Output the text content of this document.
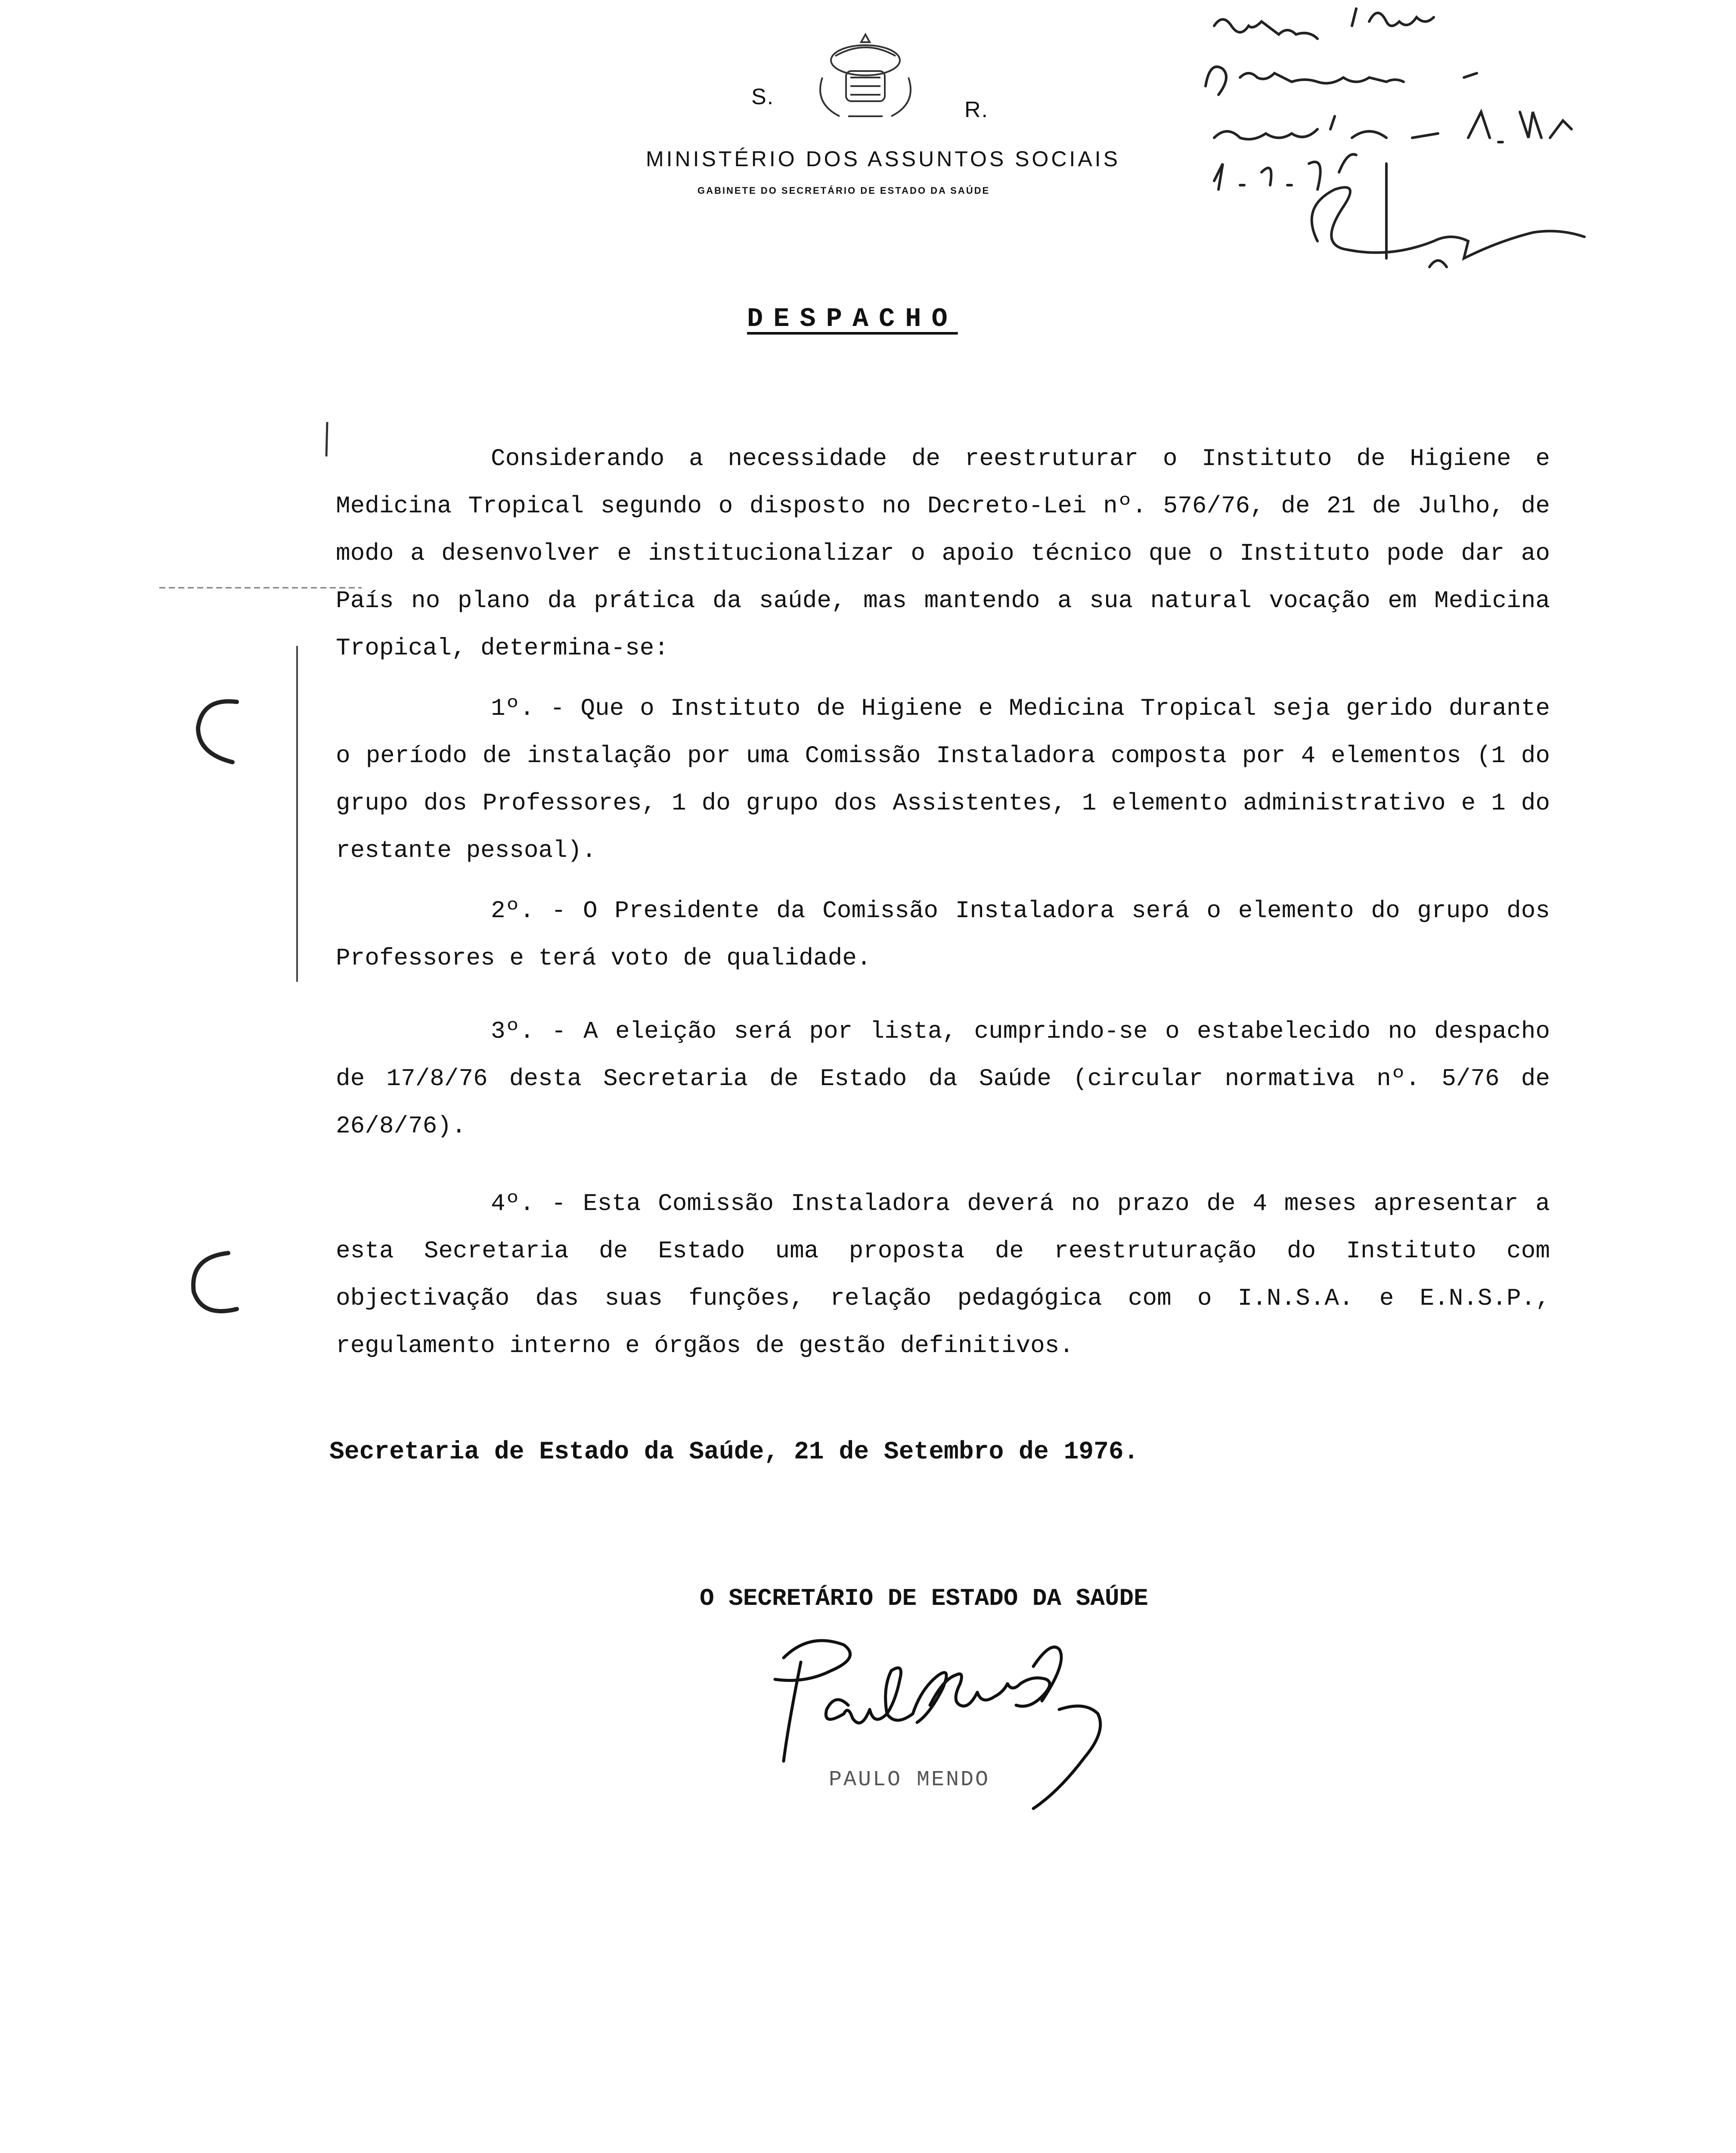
S.
R.
MINISTÉRIO DOS ASSUNTOS SOCIAIS
GABINETE DO SECRETÁRIO DE ESTADO DA SAÚDE
DESPACHO

Considerando a necessidade de reestruturar o Instituto de Higiene e Medicina Tropical segundo o disposto no Decreto-Lei nº. 576/76, de 21 de Julho, de modo a desenvolver e institucionalizar o apoio técnico que o Instituto pode dar ao País no plano da prática da saúde, mas mantendo a sua natural vocação em Medicina Tropical, determina-se:

1º. - Que o Instituto de Higiene e Medicina Tropical seja gerido durante o período de instalação por uma Comissão Instaladora composta por 4 elementos (1 do grupo dos Professores, 1 do grupo dos Assistentes, 1 elemento administrativo e 1 do restante pessoal).

2º. - O Presidente da Comissão Instaladora será o elemento do grupo dos Professores e terá voto de qualidade.

3º. - A eleição será por lista, cumprindo-se o estabelecido no despacho de 17/8/76 desta Secretaria de Estado da Saúde (circular normativa nº. 5/76 de 26/8/76).

4º. - Esta Comissão Instaladora deverá no prazo de 4 meses apresentar a esta Secretaria de Estado uma proposta de reestruturação do Instituto com objectivação das suas funções, relação pedagógica com o I.N.S.A. e E.N.S.P., regulamento interno e órgãos de gestão definitivos.

Secretaria de Estado da Saúde, 21 de Setembro de 1976.
O SECRETÁRIO DE ESTADO DA SAÚDE
PAULO MENDO
